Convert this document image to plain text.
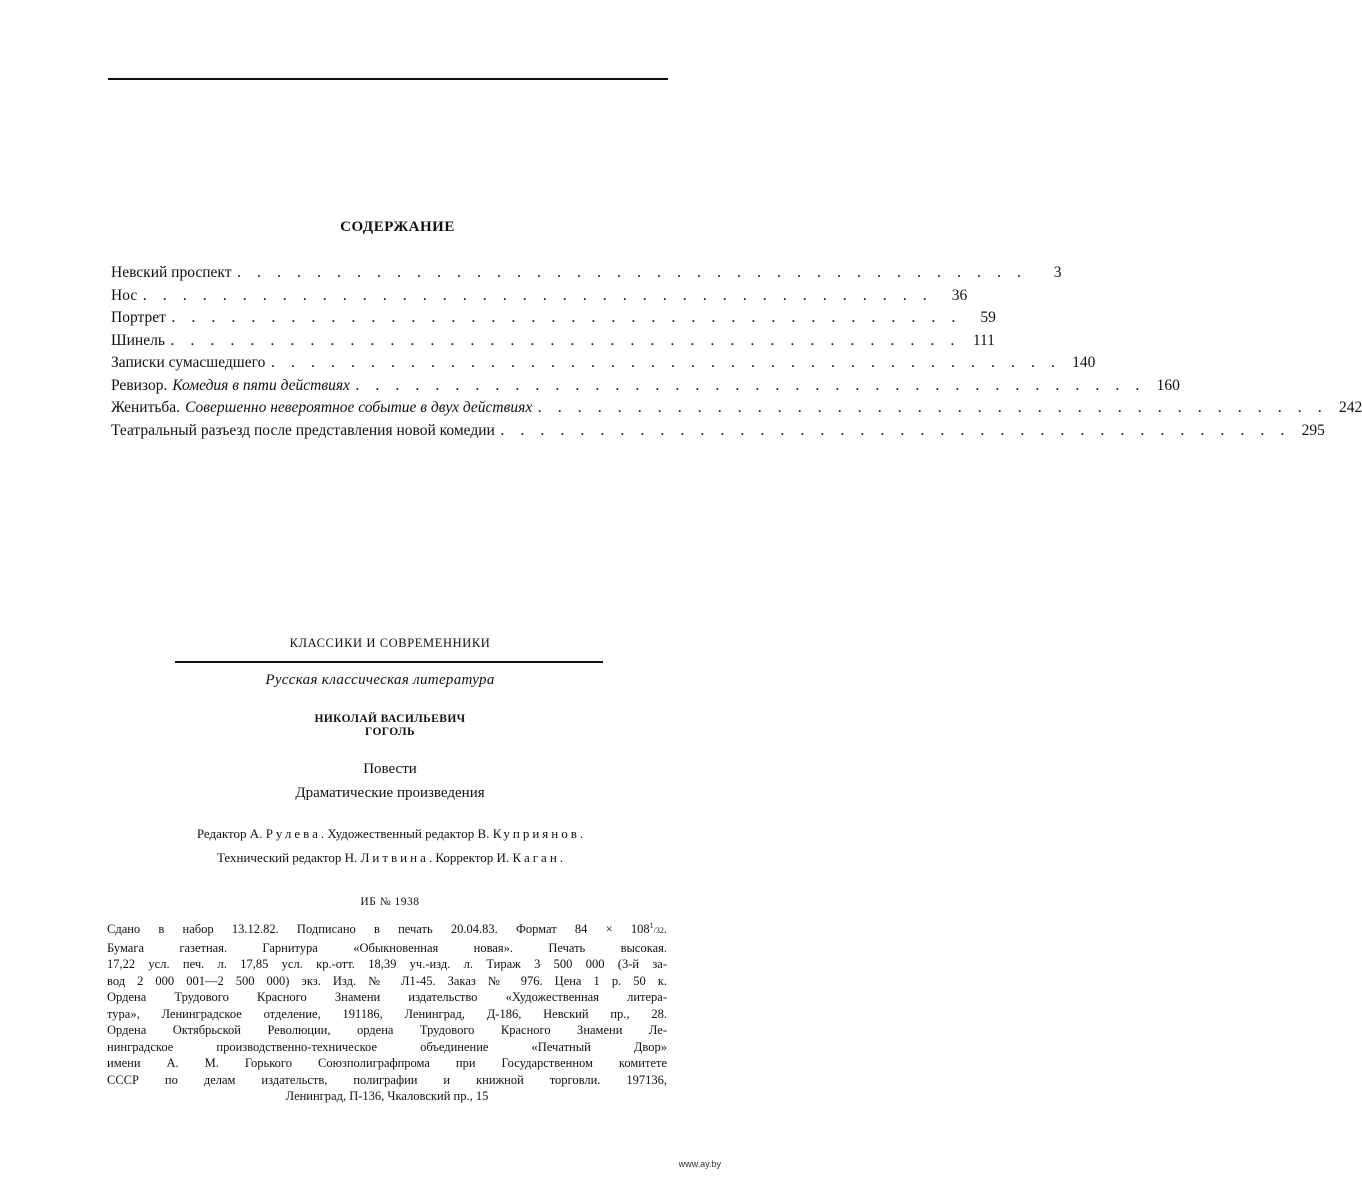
СОДЕРЖАНИЕ
Невский проспект . . . . . . . . . . . . . . . . . . . . . . . . . . . . . . . . . . . . . . . .	3
Нос . . . . . . . . . . . . . . . . . . . . . . . . . . . . . . . . . . . . . . . .	36
Портрет . . . . . . . . . . . . . . . . . . . . . . . . . . . . . . . . . . . . . . . .	59
Шинель . . . . . . . . . . . . . . . . . . . . . . . . . . . . . . . . . . . . . . . . 111
Записки сумасшедшего . . . . . . . . . . . . . . . . . . . . . . . . . . . . . . . . . . . . . . . . 140
Ревизор. Комедия в пяти действиях . . . . . . . . . . . . . . . . . . . . . . . . . . . . . . . . . . . . . . . . 160
Женитьба. Совершенно невероятное событие в двух действиях . . . . . . . . . . . . . . . . . . . . . . . . . . . . . . . . . . . . . . . . 242
Театральный разъезд после представления новой комедии . . . . . . . . . . . . . . . . . . . . . . . . . . . . . . . . . . . . . . . . 295
КЛАССИКИ И СОВРЕМЕННИКИ
Русская классическая литература
НИКОЛАЙ ВАСИЛЬЕВИЧ
ГОГОЛЬ
Повести
Драматические произведения
Редактор А. Рулева. Художественный редактор В. Куприянов.
Технический редактор Н. Литвина. Корректор И. Каган.
ИБ № 1938
Сдано в набор 13.12.82. Подписано в печать 20.04.83. Формат $84 \times 108^1/32$.
Бумага газетная. Гарнитура «Обыкновенная новая». Печать высокая.
17,22 усл. печ. л. 17,85 усл. кр.-отт. 18,39 уч.-изд. л. Тираж 3 500 000 (3-й за-
вод 2 000 001—2 500 000) экз. Изд. № Л1-45. Заказ № 976. Цена 1 р. 50 к.
Ордена Трудового Красного Знамени издательство «Художественная литера-
тура», Ленинградское отделение, 191186, Ленинград, Д-186, Невский пр., 28.
Ордена Октябрьской Революции, ордена Трудового Красного Знамени Ле-
нинградское производственно-техническое объединение «Печатный Двор»
имени А. М. Горького Союзполиграфпрома при Государственном комитете
СССР по делам издательств, полиграфии и книжной торговли. 197136,
Ленинград, П-136, Чкаловский пр., 15
www.ay.by
